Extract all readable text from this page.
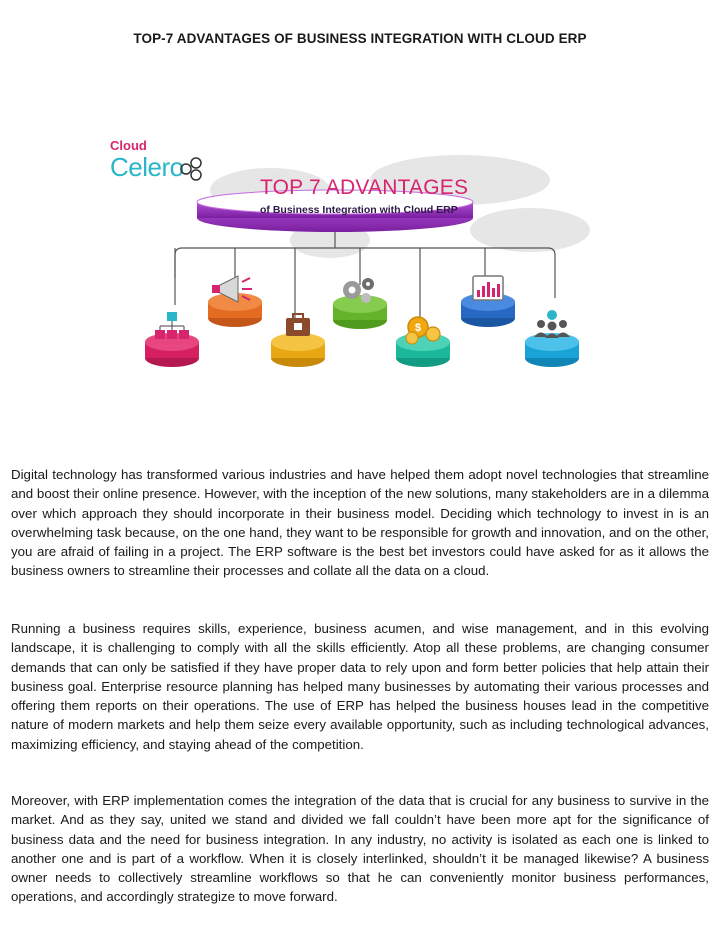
TOP-7 ADVANTAGES OF BUSINESS INTEGRATION WITH CLOUD ERP
$
Cloud
Celero
TOP 7 ADVANTAGES
of Business Integration with Cloud ERP

Digital technology has transformed various industries and have helped them adopt novel technologies that streamline and boost their online presence. However, with the inception of the new solutions, many stakeholders are in a dilemma over which approach they should incorporate in their business model. Deciding which technology to invest in is an overwhelming task because, on the one hand, they want to be responsible for growth and innovation, and on the other, you are afraid of failing in a project. The ERP software is the best bet investors could have asked for as it allows the business owners to streamline their processes and collate all the data on a cloud.

Running a business requires skills, experience, business acumen, and wise management, and in this evolving landscape, it is challenging to comply with all the skills efficiently. Atop all these problems, are changing consumer demands that can only be satisfied if they have proper data to rely upon and form better policies that help attain their business goal. Enterprise resource planning has helped many businesses by automating their various processes and offering them reports on their operations. The use of ERP has helped the business houses lead in the competitive nature of modern markets and help them seize every available opportunity, such as including technological advances, maximizing efficiency, and staying ahead of the competition.

Moreover, with ERP implementation comes the integration of the data that is crucial for any business to survive in the market. And as they say, united we stand and divided we fall couldn’t have been more apt for the significance of business data and the need for business integration. In any industry, no activity is isolated as each one is linked to another one and is part of a workflow. When it is closely interlinked, shouldn’t it be managed likewise? A business owner needs to collectively streamline workflows so that he can conveniently monitor business performances, operations, and accordingly strategize to move forward.
